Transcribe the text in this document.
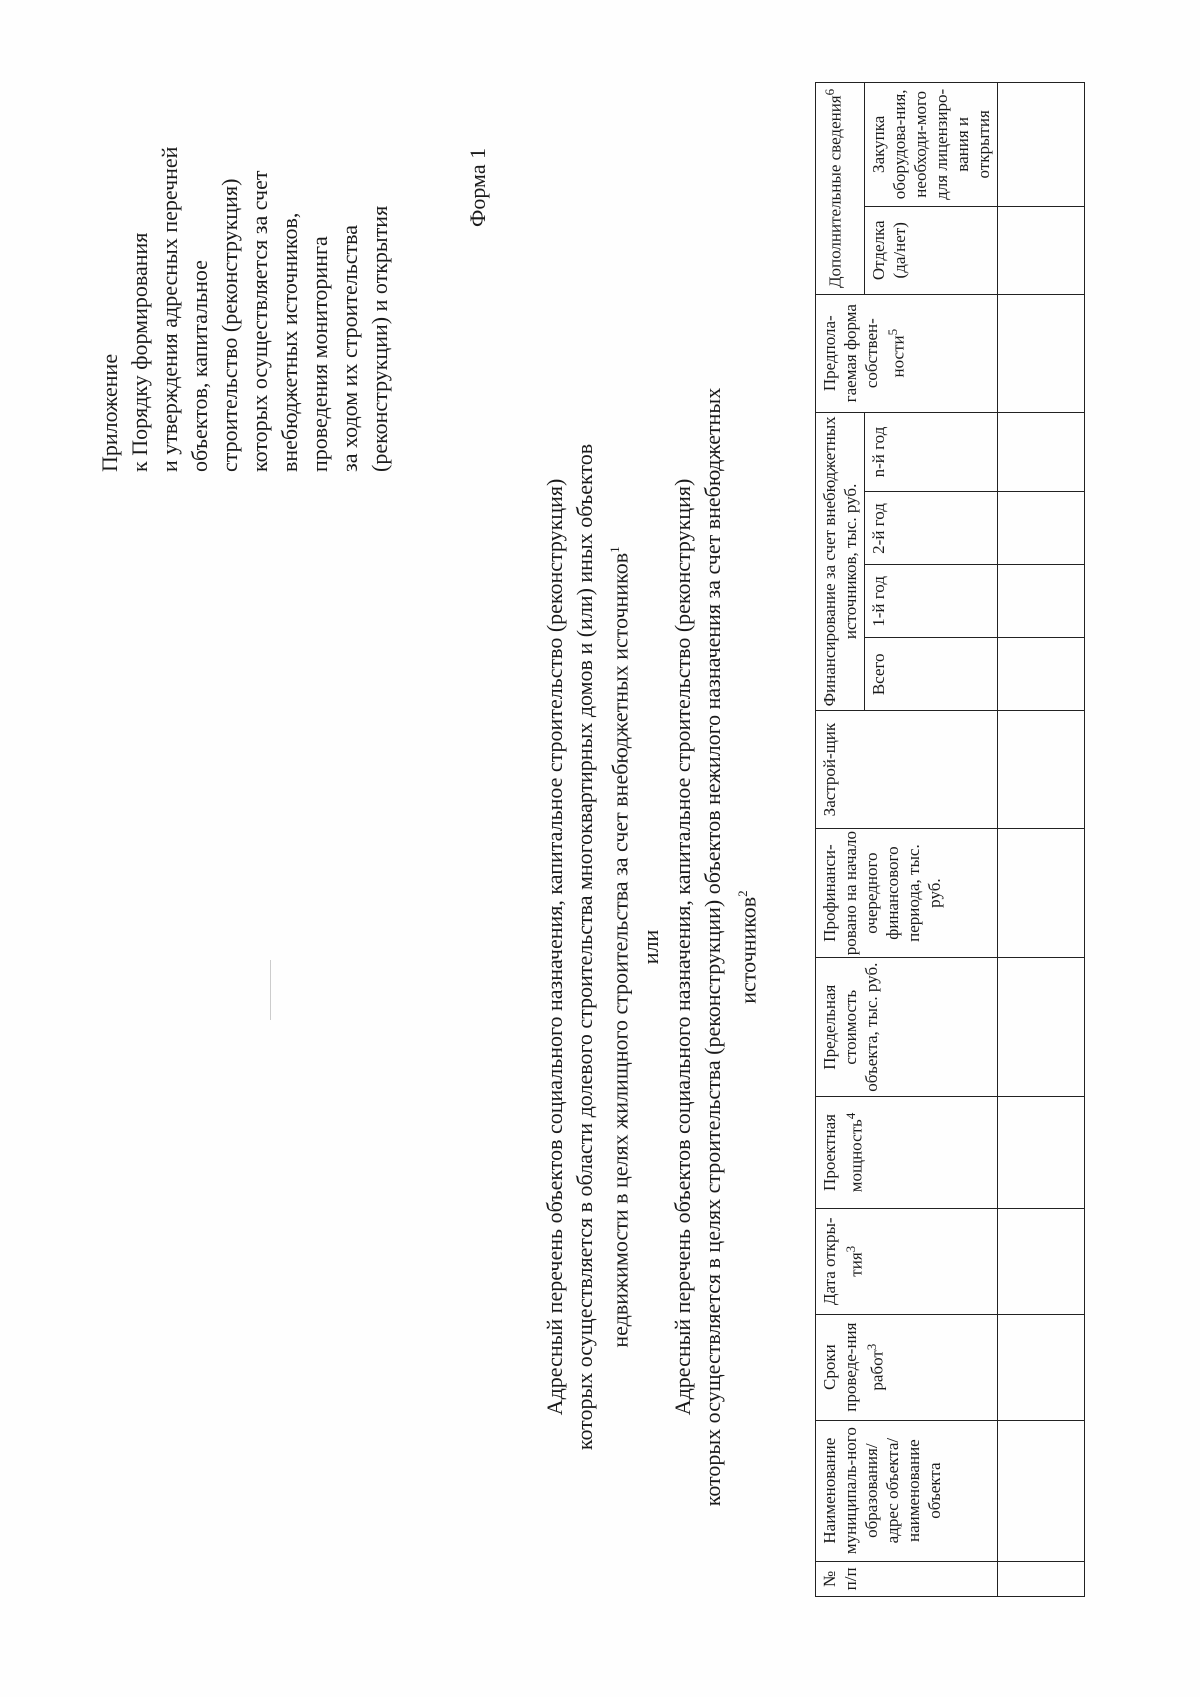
Приложение к Порядку формирования и утверждения адресных перечней объектов, капитальное строительство (реконструкция) которых осуществляется за счет внебюджетных источников, проведения мониторинга за ходом их строительства (реконструкции) и открытия
Форма 1
Адресный перечень объектов социального назначения, капитальное строительство (реконструкция) которых осуществляется в области долевого строительства многоквартирных домов и (или) иных объектов недвижимости в целях жилищного строительства за счет внебюджетных источников$^1$
или Адресный перечень объектов социального назначения, капитальное строительство (реконструкция) которых осуществляется в целях строительства (реконструкции) объектов нежилого назначения за счет внебюджетных источников$^2$
№ п/п	Наименование муниципаль-ного образования/ адрес объекта/ наименование объекта	Сроки проведе-ния работ$^3$	Дата откры-тия$^3$	Проектная мощность$^4$	Предельная стоимость объекта, тыс. руб.	Профинанси-ровано на начало очередного финансового периода, тыс. руб.	Застрой-щик	Финансирование за счет внебюджетных источников, тыс. руб.				Предпола-гаемая форма собствен-ности$^5$	Дополнительные сведения$^6$
								Всего	1-й год	2-й год	n-й год		Отделка (да/нет)	Закупка оборудова-ния, необходи-мого для лицензиро-вания и открытия
